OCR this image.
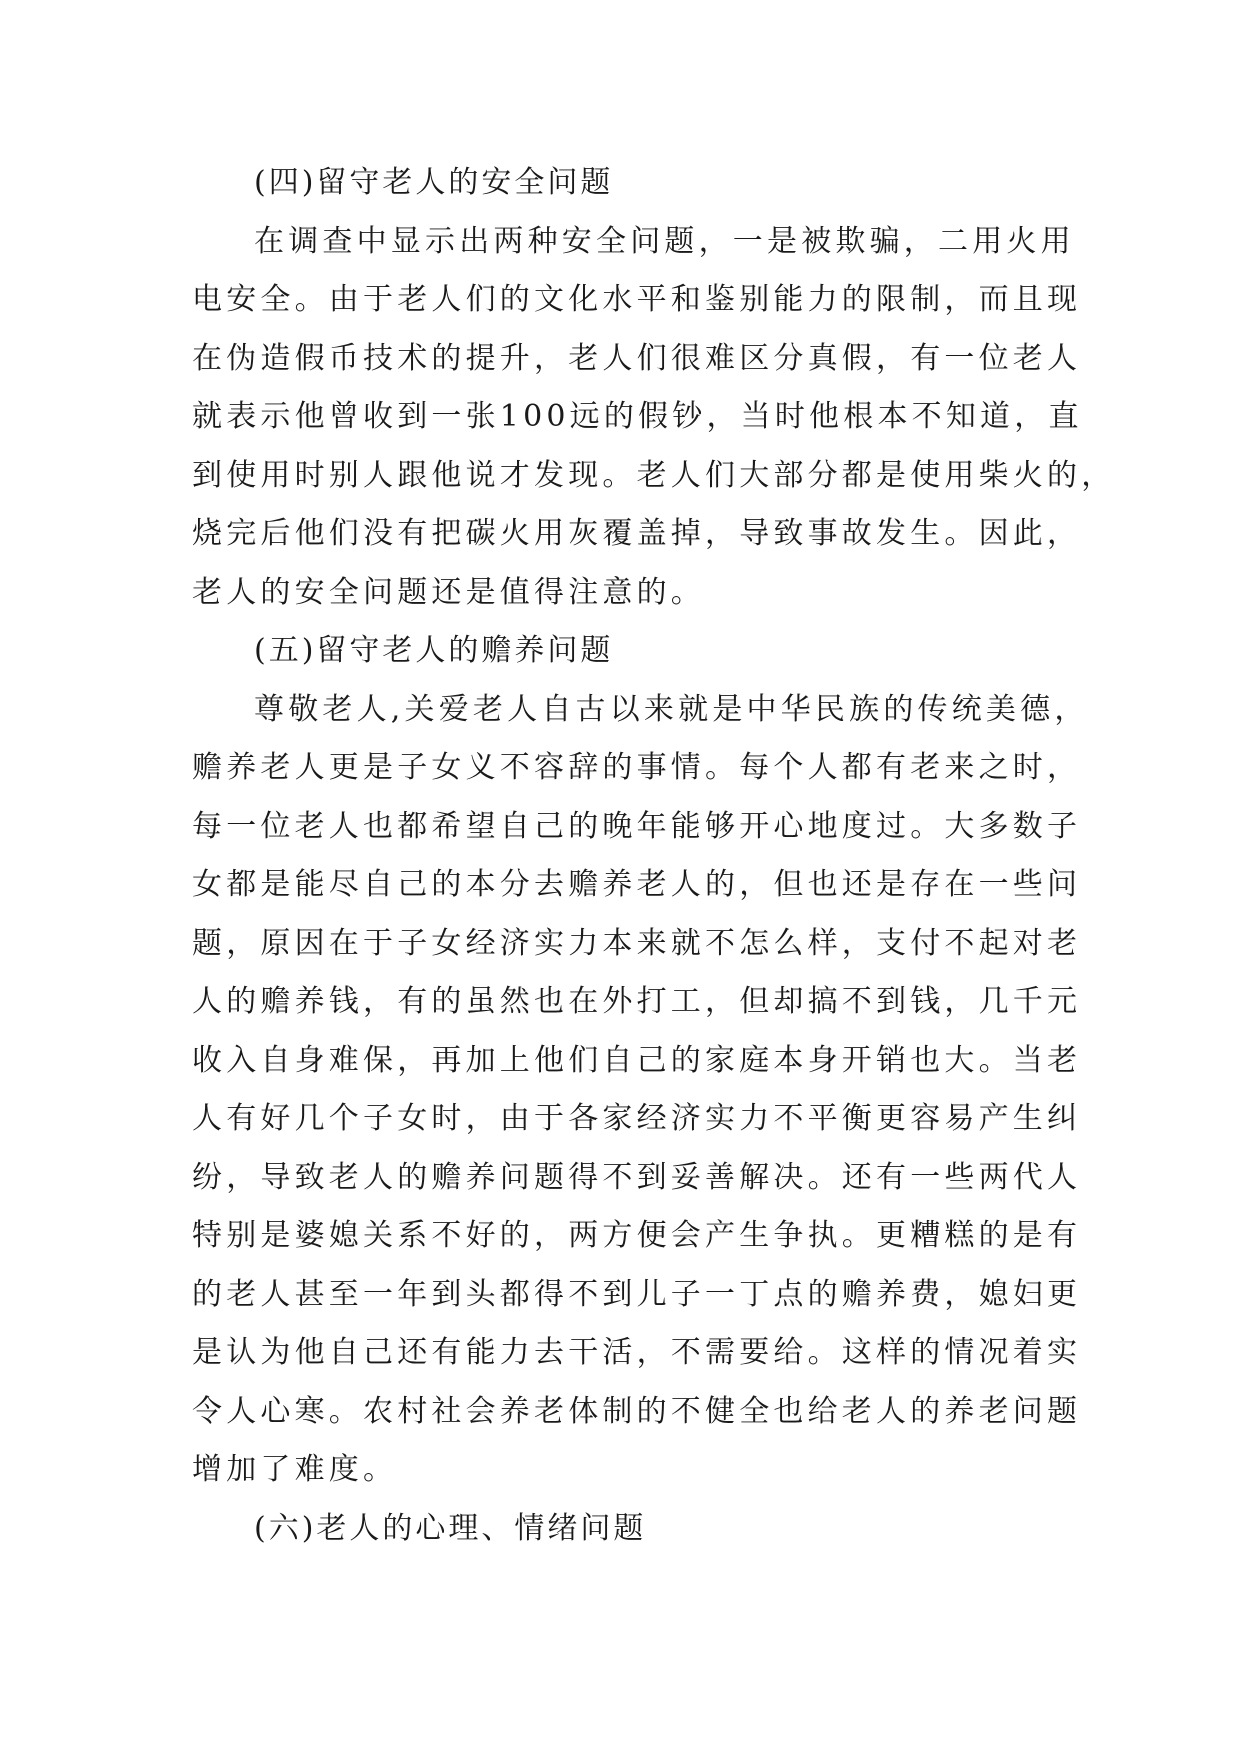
(四)留守老人的安全问题
在调查中显示出两种安全问题，一是被欺骗，二用火用
电安全。由于老人们的文化水平和鉴别能力的限制，而且现
在伪造假币技术的提升，老人们很难区分真假，有一位老人
就表示他曾收到一张100远的假钞，当时他根本不知道，直
到使用时别人跟他说才发现。老人们大部分都是使用柴火的，
烧完后他们没有把碳火用灰覆盖掉，导致事故发生。因此，
老人的安全问题还是值得注意的。
(五)留守老人的赡养问题
尊敬老人,关爱老人自古以来就是中华民族的传统美德，
赡养老人更是子女义不容辞的事情。每个人都有老来之时，
每一位老人也都希望自己的晚年能够开心地度过。大多数子
女都是能尽自己的本分去赡养老人的，但也还是存在一些问
题，原因在于子女经济实力本来就不怎么样，支付不起对老
人的赡养钱，有的虽然也在外打工，但却搞不到钱，几千元
收入自身难保，再加上他们自己的家庭本身开销也大。当老
人有好几个子女时，由于各家经济实力不平衡更容易产生纠
纷，导致老人的赡养问题得不到妥善解决。还有一些两代人
特别是婆媳关系不好的，两方便会产生争执。更糟糕的是有
的老人甚至一年到头都得不到儿子一丁点的赡养费，媳妇更
是认为他自己还有能力去干活，不需要给。这样的情况着实
令人心寒。农村社会养老体制的不健全也给老人的养老问题
增加了难度。
(六)老人的心理、情绪问题
